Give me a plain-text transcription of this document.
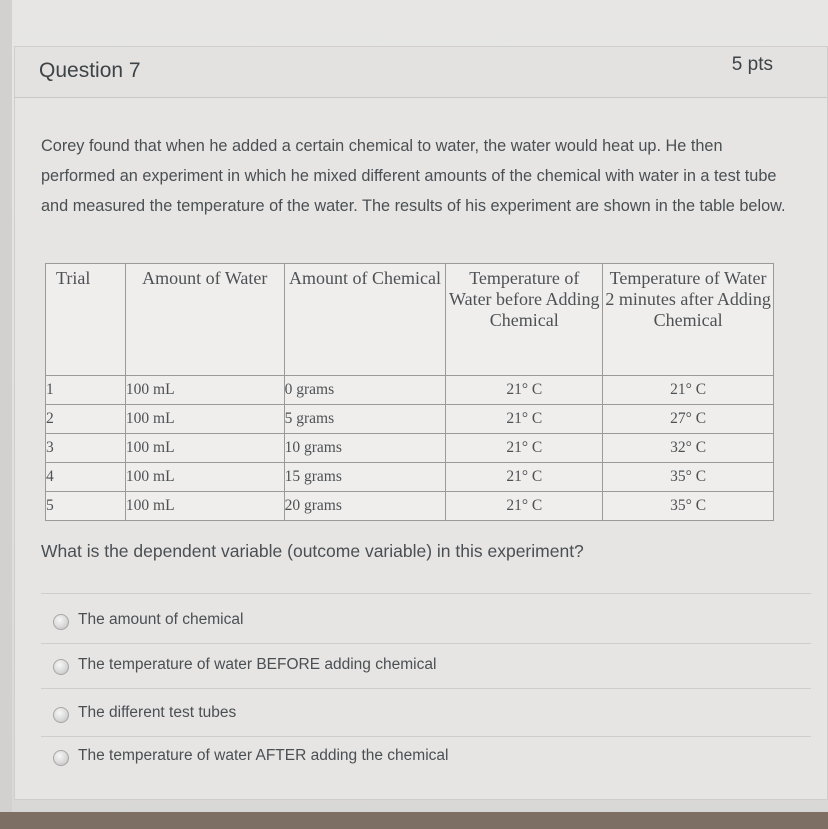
Question 7	5 pts
Corey found that when he added a certain chemical to water, the water would heat up. He then performed an experiment in which he mixed different amounts of the chemical with water in a test tube and measured the temperature of the water. The results of his experiment are shown in the table below.
Trial	Amount of Water	Amount of Chemical	Temperature of Water before Adding Chemical	Temperature of Water 2 minutes after Adding Chemical
1	100 mL	0 grams	21° C	21° C
2	100 mL	5 grams	21° C	27° C
3	100 mL	10 grams	21° C	32° C
4	100 mL	15 grams	21° C	35° C
5	100 mL	20 grams	21° C	35° C
What is the dependent variable (outcome variable) in this experiment?
The amount of chemical
The temperature of water BEFORE adding chemical
The different test tubes
The temperature of water AFTER adding the chemical
